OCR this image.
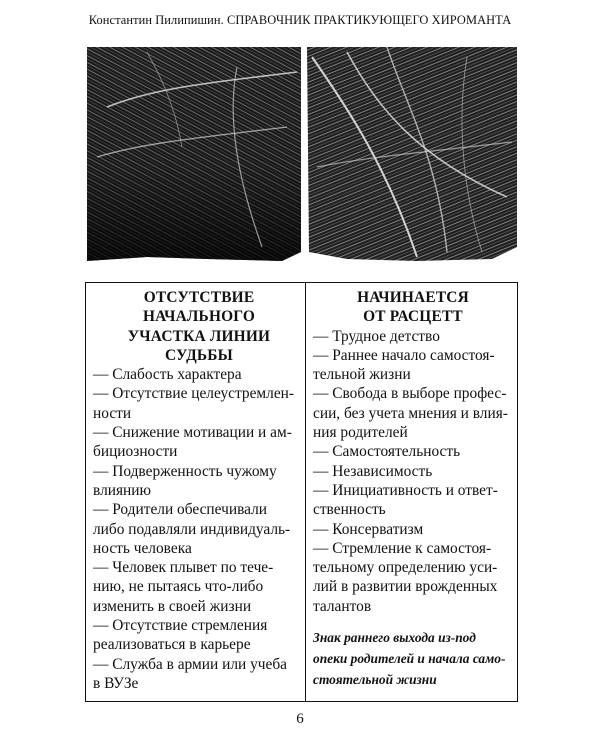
Константин Пилипишин. СПРАВОЧНИК ПРАКТИКУЮЩЕГО ХИРОМАНТА
ОТСУТСТВИЕ
НАЧАЛЬНОГО
УЧАСТКА ЛИНИИ
СУДЬБЫ
— Слабость характера
— Отсутствие целеустремлен-
ности
— Снижение мотивации и ам-
бициозности
— Подверженность чужому
влиянию
— Родители обеспечивали
либо подавляли индивидуаль-
ность человека
— Человек плывет по тече-
нию, не пытаясь что-либо
изменить в своей жизни
— Отсутствие стремления
реализоваться в карьере
— Служба в армии или учеба
в ВУЗе
НАЧИНАЕТСЯ
ОТ РАСЦЕТТ
— Трудное детство
— Раннее начало самостоя-
тельной жизни
— Свобода в выборе профес-
сии, без учета мнения и влия-
ния родителей
— Самостоятельность
— Независимость
— Инициативность и ответ-
ственность
— Консерватизм
— Стремление к самостоя-
тельному определению уси-
лий в развитии врожденных
талантов
Знак раннего выхода из-под
опеки родителей и начала само-
стоятельной жизни
6
